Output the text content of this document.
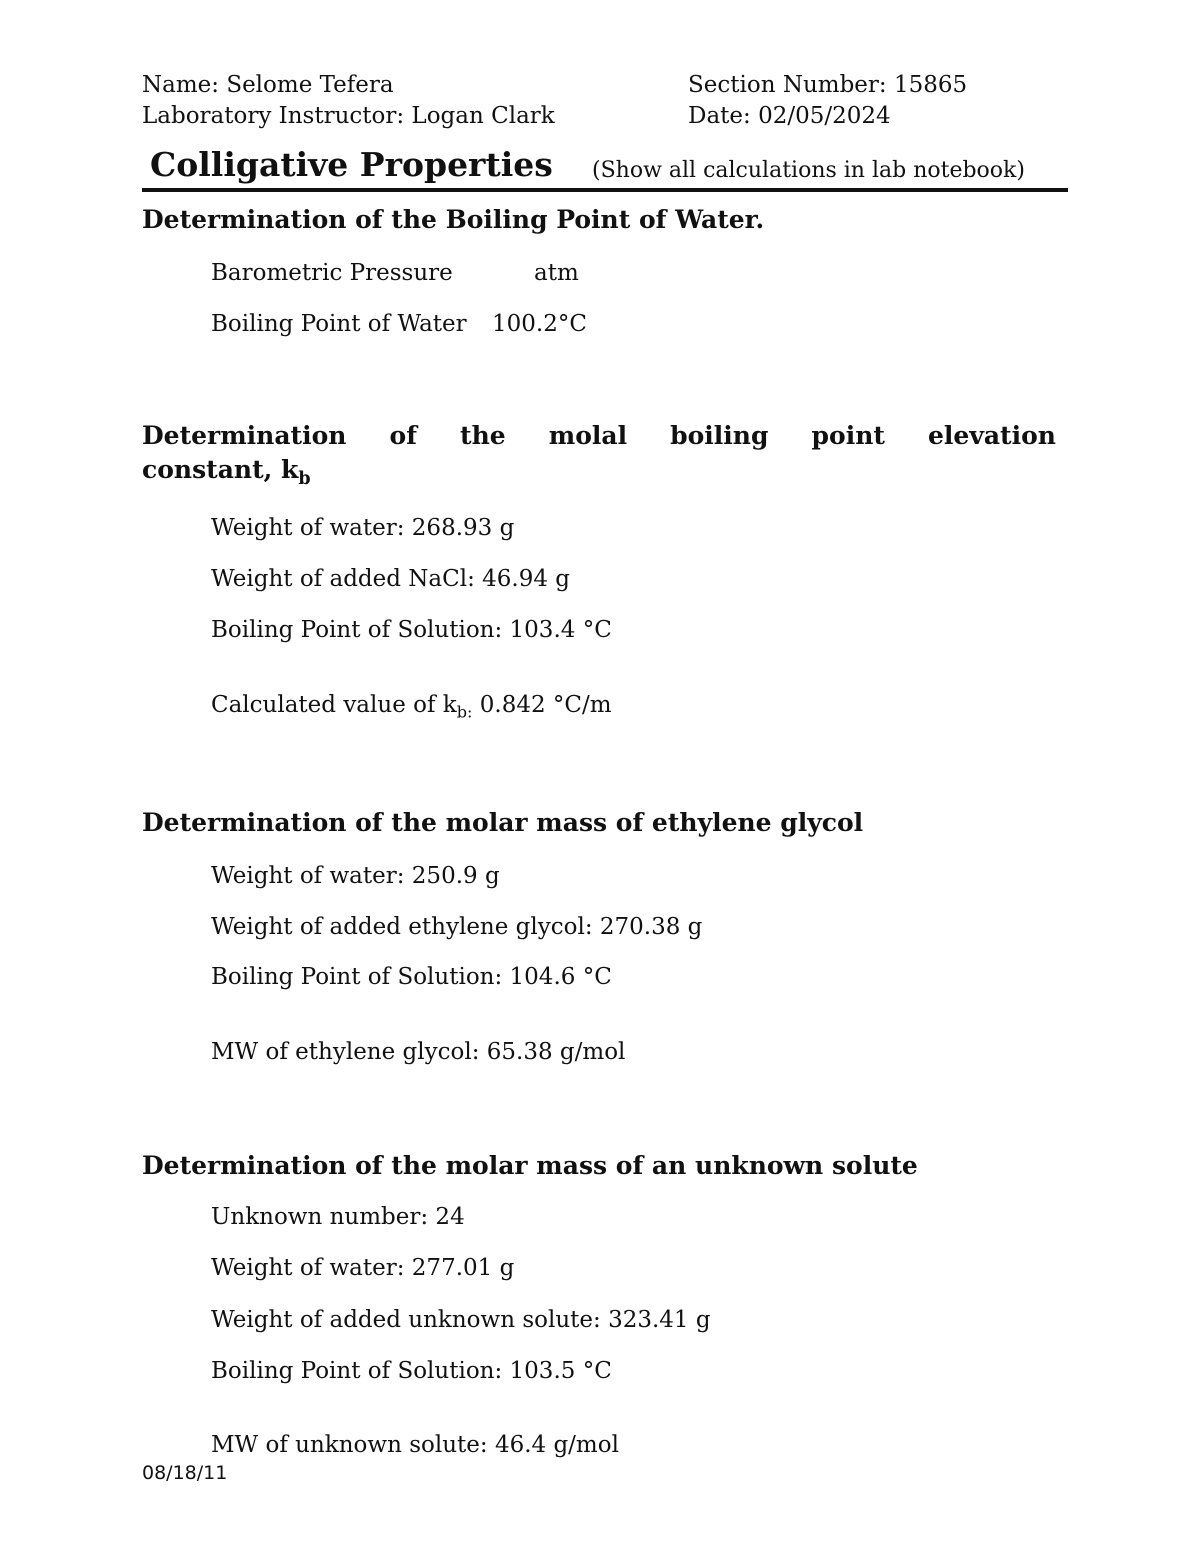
Name: Selome Tefera	Section Number: 15865
Laboratory Instructor: Logan Clark	Date: 02/05/2024
Colligative Properties (Show all calculations in lab notebook)
Determination of the Boiling Point of Water.
Barometric Pressure	atm
Boiling Point of Water 100.2°C
Determination of the molal boiling point elevation
constant, $k_b$
Weight of water: 268.93 g
Weight of added NaCl: 46.94 g
Boiling Point of Solution: 103.4 °C
Calculated value of $k_{b:}$ 0.842 °C/m
Determination of the molar mass of ethylene glycol
Weight of water: 250.9 g
Weight of added ethylene glycol: 270.38 g
Boiling Point of Solution: 104.6 °C
MW of ethylene glycol: 65.38 g/mol
Determination of the molar mass of an unknown solute
Unknown number: 24
Weight of water: 277.01 g
Weight of added unknown solute: 323.41 g
Boiling Point of Solution: 103.5 °C
MW of unknown solute: 46.4 g/mol
08/18/11
